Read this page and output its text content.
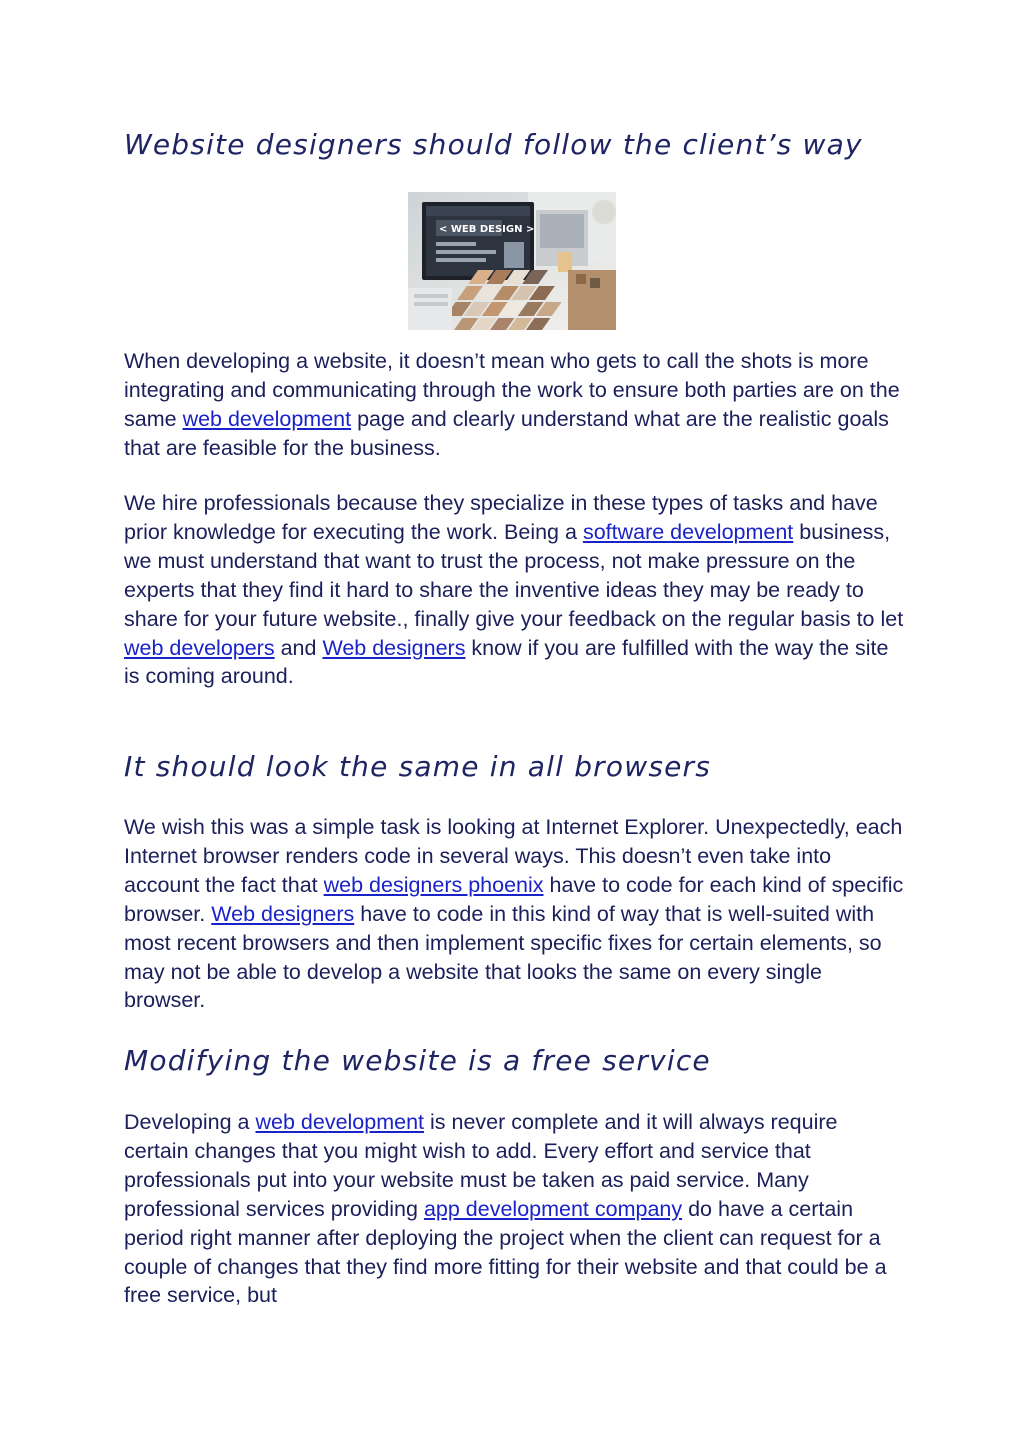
Website designers should follow the client’s way
< WEB DESIGN >

When developing a website, it doesn’t mean who gets to call the shots is more integrating and communicating through the work to ensure both parties are on the same web development page and clearly understand what are the realistic goals that are feasible for the business.

We hire professionals because they specialize in these types of tasks and have prior knowledge for executing the work. Being a software development business, we must understand that want to trust the process, not make pressure on the experts that they find it hard to share the inventive ideas they may be ready to share for your future website., finally give your feedback on the regular basis to let web developers and Web designers know if you are fulfilled with the way the site is coming around.

It should look the same in all browsers

We wish this was a simple task is looking at Internet Explorer. Unexpectedly, each Internet browser renders code in several ways. This doesn’t even take into account the fact that web designers phoenix have to code for each kind of specific browser. Web designers have to code in this kind of way that is well-suited with most recent browsers and then implement specific fixes for certain elements, so may not be able to develop a website that looks the same on every single browser.

Modifying the website is a free service

Developing a web development is never complete and it will always require certain changes that you might wish to add. Every effort and service that professionals put into your website must be taken as paid service. Many professional services providing app development company do have a certain period right manner after deploying the project when the client can request for a couple of changes that they find more fitting for their website and that could be a free service, but
